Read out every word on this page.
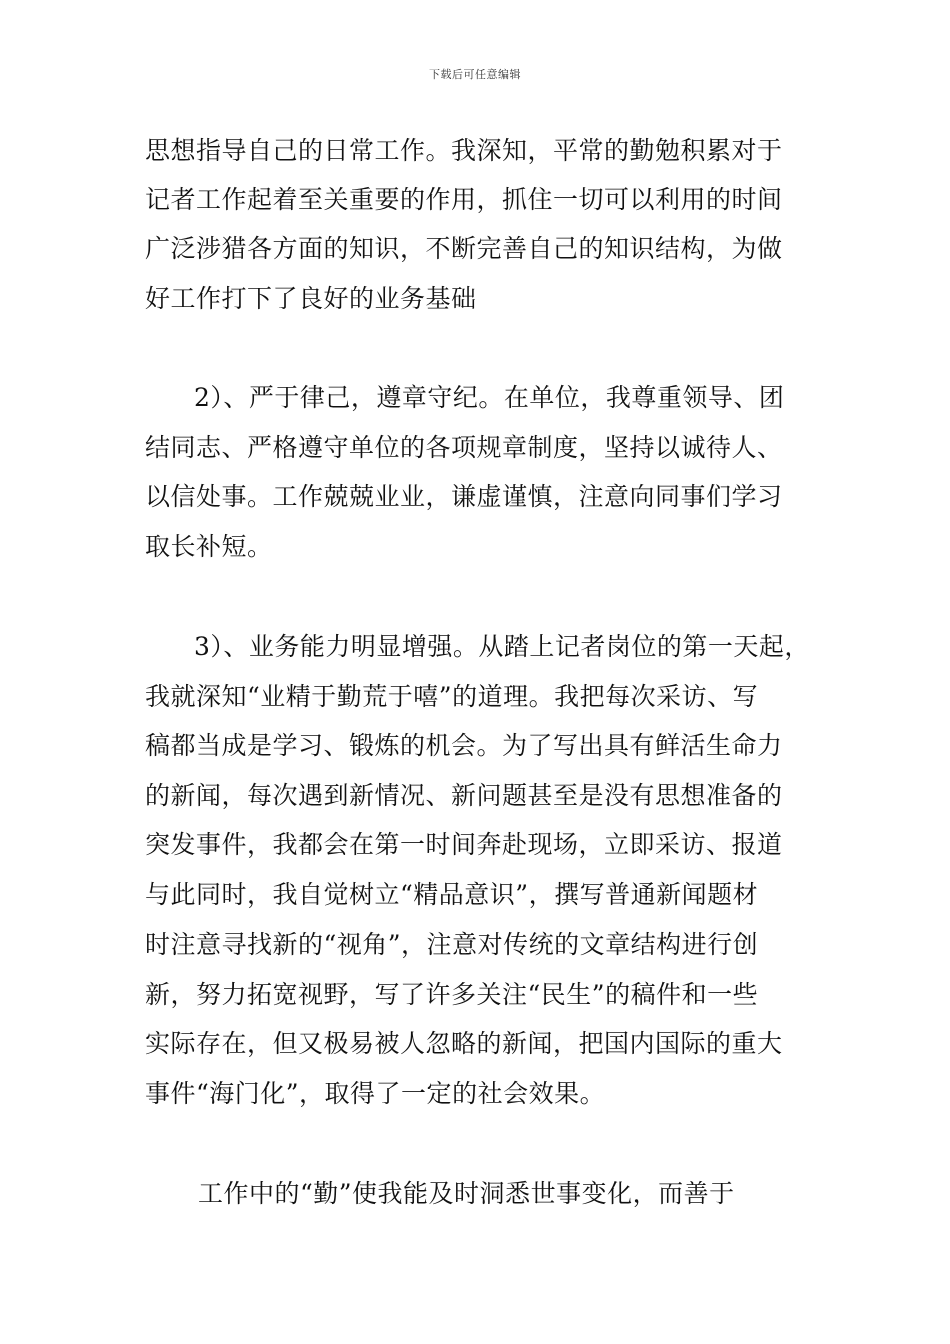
下载后可任意编辑

思想指导自己的日常工作。我深知，平常的勤勉积累对于

记者工作起着至关重要的作用，抓住一切可以利用的时间

广泛涉猎各方面的知识，不断完善自己的知识结构，为做

好工作打下了良好的业务基础

2）、严于律己，遵章守纪。在单位，我尊重领导、团

结同志、严格遵守单位的各项规章制度，坚持以诚待人、

以信处事。工作兢兢业业，谦虚谨慎，注意向同事们学习

取长补短。

3）、业务能力明显增强。从踏上记者岗位的第一天起，

我就深知“业精于勤荒于嘻”的道理。我把每次采访、写

稿都当成是学习、锻炼的机会。为了写出具有鲜活生命力

的新闻，每次遇到新情况、新问题甚至是没有思想准备的

突发事件，我都会在第一时间奔赴现场，立即采访、报道

与此同时，我自觉树立“精品意识”，撰写普通新闻题材

时注意寻找新的“视角”，注意对传统的文章结构进行创

新，努力拓宽视野，写了许多关注“民生”的稿件和一些

实际存在，但又极易被人忽略的新闻，把国内国际的重大

事件“海门化”，取得了一定的社会效果。

工作中的“勤”使我能及时洞悉世事变化，而善于
